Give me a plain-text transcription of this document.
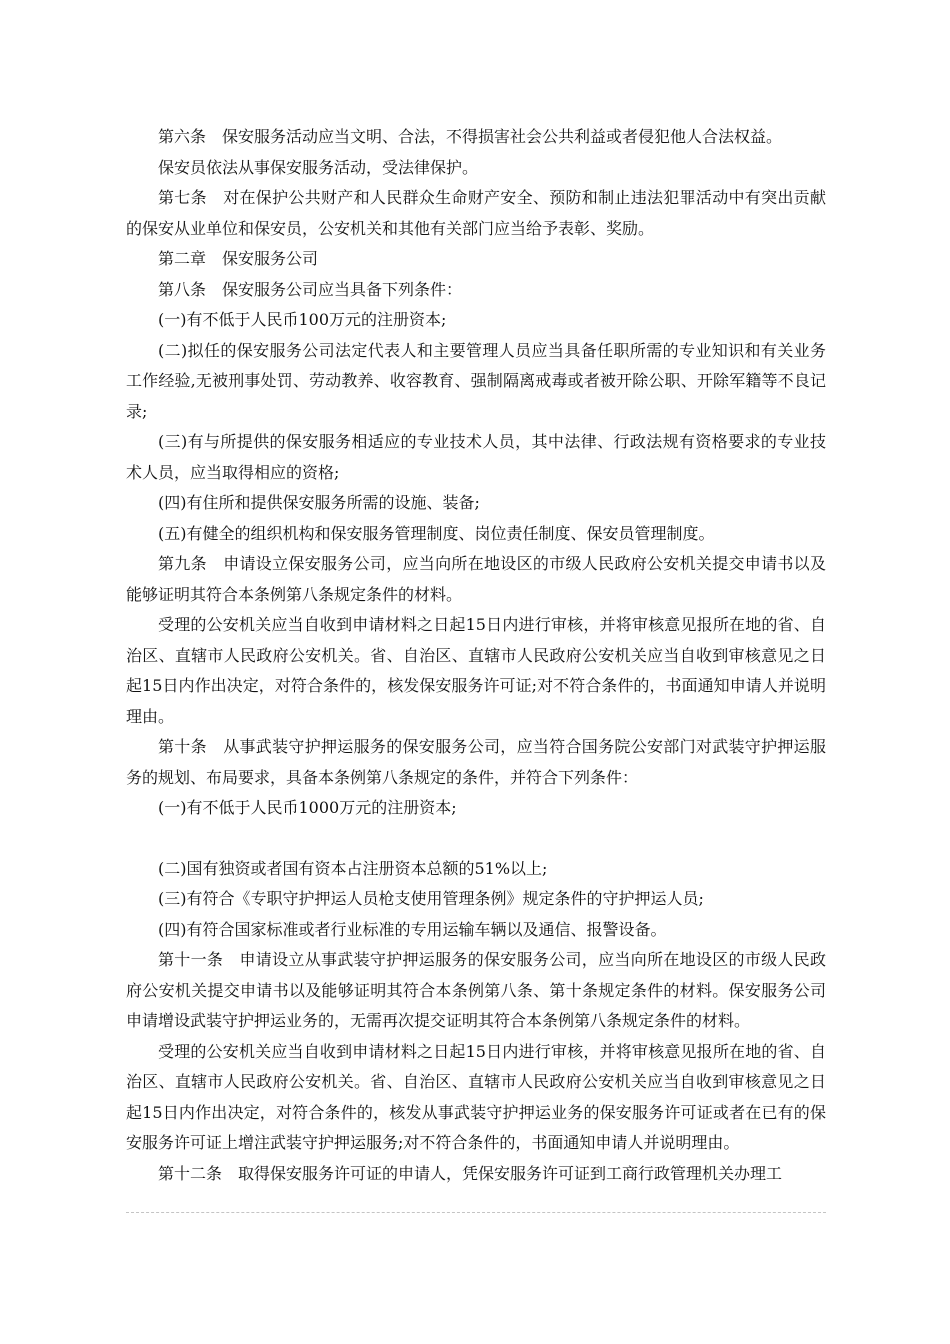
第六条　保安服务活动应当文明、合法，不得损害社会公共利益或者侵犯他人合法权益。

保安员依法从事保安服务活动，受法律保护。

第七条　对在保护公共财产和人民群众生命财产安全、预防和制止违法犯罪活动中有突出贡献的保安从业单位和保安员，公安机关和其他有关部门应当给予表彰、奖励。

第二章　保安服务公司

第八条　保安服务公司应当具备下列条件：

(一)有不低于人民币100万元的注册资本;

(二)拟任的保安服务公司法定代表人和主要管理人员应当具备任职所需的专业知识和有关业务工作经验,无被刑事处罚、劳动教养、收容教育、强制隔离戒毒或者被开除公职、开除军籍等不良记录;

(三)有与所提供的保安服务相适应的专业技术人员，其中法律、行政法规有资格要求的专业技术人员，应当取得相应的资格;

(四)有住所和提供保安服务所需的设施、装备;

(五)有健全的组织机构和保安服务管理制度、岗位责任制度、保安员管理制度。

第九条　申请设立保安服务公司，应当向所在地设区的市级人民政府公安机关提交申请书以及能够证明其符合本条例第八条规定条件的材料。

受理的公安机关应当自收到申请材料之日起15日内进行审核，并将审核意见报所在地的省、自治区、直辖市人民政府公安机关。省、自治区、直辖市人民政府公安机关应当自收到审核意见之日起15日内作出决定，对符合条件的，核发保安服务许可证;对不符合条件的，书面通知申请人并说明理由。

第十条　从事武装守护押运服务的保安服务公司，应当符合国务院公安部门对武装守护押运服务的规划、布局要求，具备本条例第八条规定的条件，并符合下列条件：

(一)有不低于人民币1000万元的注册资本;

(二)国有独资或者国有资本占注册资本总额的51%以上;

(三)有符合《专职守护押运人员枪支使用管理条例》规定条件的守护押运人员;

(四)有符合国家标准或者行业标准的专用运输车辆以及通信、报警设备。

第十一条　申请设立从事武装守护押运服务的保安服务公司，应当向所在地设区的市级人民政府公安机关提交申请书以及能够证明其符合本条例第八条、第十条规定条件的材料。保安服务公司申请增设武装守护押运业务的，无需再次提交证明其符合本条例第八条规定条件的材料。

受理的公安机关应当自收到申请材料之日起15日内进行审核，并将审核意见报所在地的省、自治区、直辖市人民政府公安机关。省、自治区、直辖市人民政府公安机关应当自收到审核意见之日起15日内作出决定，对符合条件的，核发从事武装守护押运业务的保安服务许可证或者在已有的保安服务许可证上增注武装守护押运服务;对不符合条件的，书面通知申请人并说明理由。

第十二条　取得保安服务许可证的申请人，凭保安服务许可证到工商行政管理机关办理工
